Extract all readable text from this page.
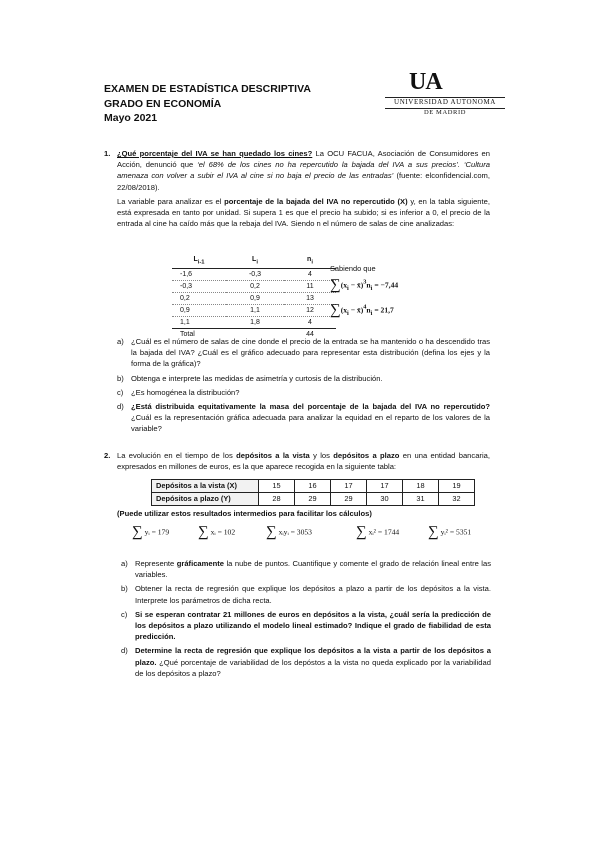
EXAMEN DE ESTADÍSTICA DESCRIPTIVA
GRADO EN ECONOMÍA
Mayo 2021
UA
UNIVERSIDAD AUTONOMA
DE MADRID
1. ¿Qué porcentaje del IVA se han quedado los cines? La OCU FACUA, Asociación de Consumidores en Acción, denunció que ‘el 68% de los cines no ha repercutido la bajada del IVA a sus precios’. ‘Cultura amenaza con volver a subir el IVA al cine si no baja el precio de las entradas’ (fuente: elconfidencial.com, 22/08/2018).
La variable para analizar es el porcentaje de la bajada del IVA no repercutido (X) y, en la tabla siguiente, está expresada en tanto por unidad. Si supera 1 es que el precio ha subido; si es inferior a 0, el precio de la entrada al cine ha caído más que la rebaja del IVA. Siendo n el número de salas de cine analizadas:
$L_{i-1}$	$L_i$	$n_i$
-1,6	-0,3	4
-0,3	0,2	11
0,2	0,9	13
0,9	1,1	12
1,1	1,8	4
Total		44
Sabiendo que
$\sum(x_i$ − $x̄)^3n_i = -7,44$
$\sum(x_i$ − $x̄)^4n_i = 21,7$
a) ¿Cuál es el número de salas de cine donde el precio de la entrada se ha mantenido o ha descendido tras la bajada del IVA? ¿Cuál es el gráfico adecuado para representar esta distribución (defina los ejes y la forma de la gráfica)?
b) Obtenga e interprete las medidas de asimetría y curtosis de la distribución.
c) ¿Es homogénea la distribución?
d) ¿Está distribuida equitativamente la masa del porcentaje de la bajada del IVA no repercutido? ¿Cuál es la representación gráfica adecuada para analizar la equidad en el reparto de los valores de la variable?
2. La evolución en el tiempo de los depósitos a la vista y los depósitos a plazo en una entidad bancaria, expresados en millones de euros, es la que aparece recogida en la siguiente tabla:
Depósitos a la vista (X)	15	16	17	17	18	19
Depósitos a plazo (Y)	28	29	29	30	31	32
(Puede utilizar estos resultados intermedios para facilitar los cálculos)
∑ yᵢ = 179 ∑ xᵢ = 102 ∑ xᵢyᵢ = 3053	∑ xᵢ² = 1744 ∑ yᵢ² = 5351
a) Represente gráficamente la nube de puntos. Cuantifique y comente el grado de relación lineal entre las variables.
b) Obtener la recta de regresión que explique los depósitos a plazo a partir de los depósitos a la vista. Interprete los parámetros de dicha recta.
c) Si se esperan contratar 21 millones de euros en depósitos a la vista, ¿cuál sería la predicción de los depósitos a plazo utilizando el modelo lineal estimado? Indique el grado de fiabilidad de esta predicción.
d) Determine la recta de regresión que explique los depósitos a la vista a partir de los depósitos a plazo. ¿Qué porcentaje de variabilidad de los depóstos a la vista no queda explicado por la variabilidad de los depósitos a plazo?
